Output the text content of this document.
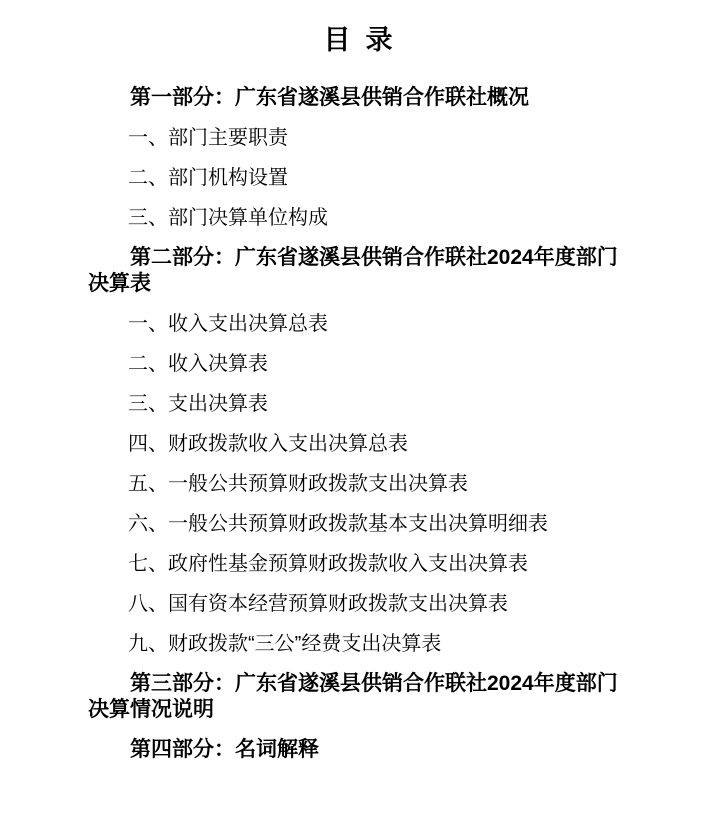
目  录

第一部分：广东省遂溪县供销合作联社概况

一、部门主要职责

二、部门机构设置

三、部门决算单位构成

第二部分：广东省遂溪县供销合作联社2024年度部门决算表

一、收入支出决算总表

二、收入决算表

三、支出决算表

四、财政拨款收入支出决算总表

五、一般公共预算财政拨款支出决算表

六、一般公共预算财政拨款基本支出决算明细表

七、政府性基金预算财政拨款收入支出决算表

八、国有资本经营预算财政拨款支出决算表

九、财政拨款“三公”经费支出决算表

第三部分：广东省遂溪县供销合作联社2024年度部门决算情况说明

第四部分：名词解释
